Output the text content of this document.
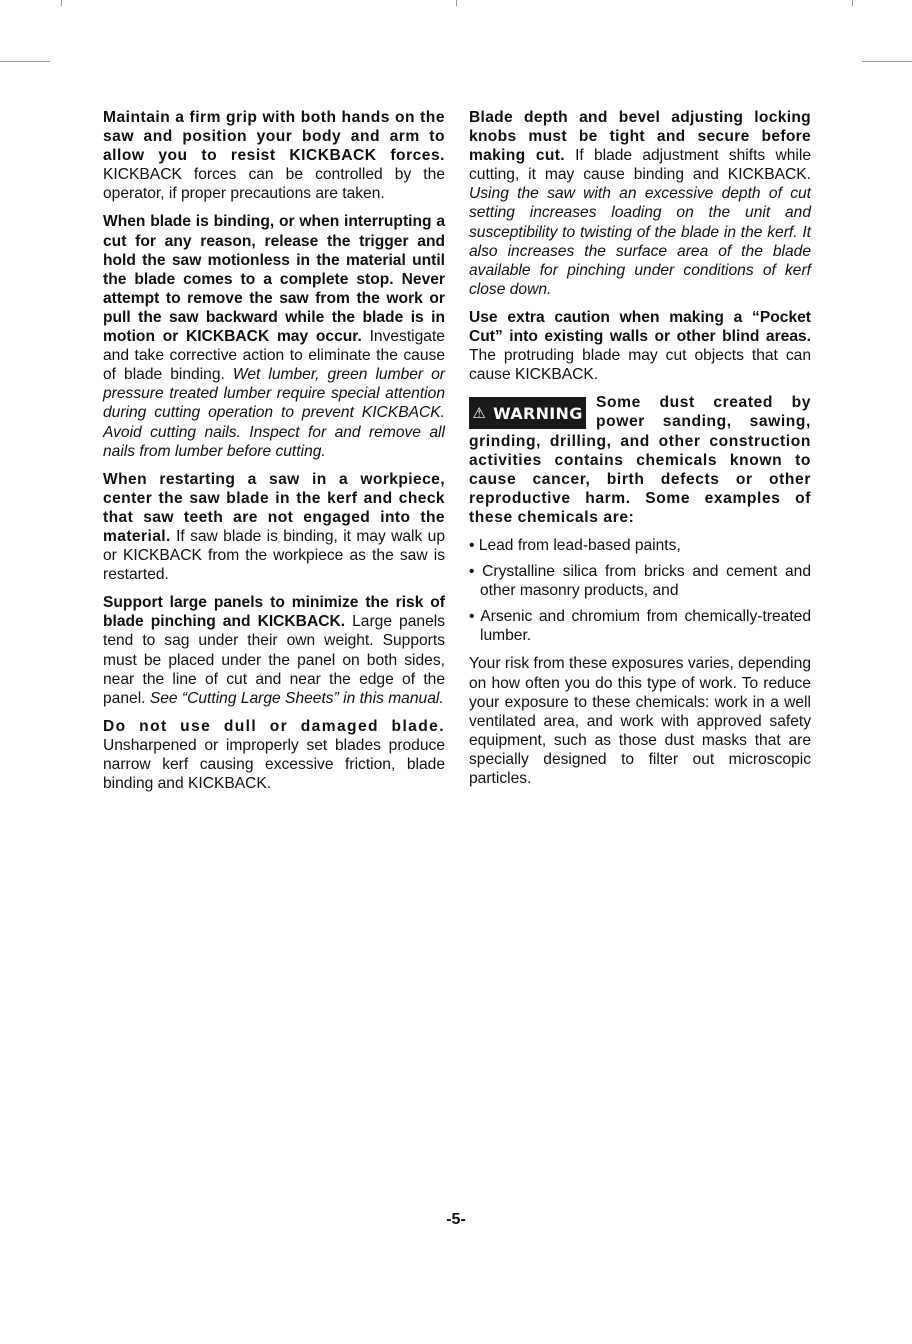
Maintain a firm grip with both hands on the saw and position your body and arm to allow you to resist KICKBACK forces. KICKBACK forces can be controlled by the operator, if proper precautions are taken.

When blade is binding, or when interrupting a cut for any reason, release the trigger and hold the saw motionless in the material until the blade comes to a complete stop. Never attempt to remove the saw from the work or pull the saw backward while the blade is in motion or KICKBACK may occur. Investigate and take corrective action to eliminate the cause of blade binding. Wet lumber, green lumber or pressure treated lumber require special attention during cutting operation to prevent KICKBACK. Avoid cutting nails. Inspect for and remove all nails from lumber before cutting.

When restarting a saw in a workpiece, center the saw blade in the kerf and check that saw teeth are not engaged into the material. If saw blade is binding, it may walk up or KICKBACK from the workpiece as the saw is restarted.

Support large panels to minimize the risk of blade pinching and KICKBACK. Large panels tend to sag under their own weight. Supports must be placed under the panel on both sides, near the line of cut and near the edge of the panel. See “Cutting Large Sheets” in this manual.

Do not use dull or damaged blade. Unsharpened or improperly set blades produce narrow kerf causing excessive friction, blade binding and KICKBACK.

Blade depth and bevel adjusting locking knobs must be tight and secure before making cut. If blade adjustment shifts while cutting, it may cause binding and KICKBACK. Using the saw with an excessive depth of cut setting increases loading on the unit and susceptibility to twisting of the blade in the kerf. It also increases the surface area of the blade available for pinching under conditions of kerf close down.

Use extra caution when making a “Pocket Cut” into existing walls or other blind areas. The protruding blade may cut objects that can cause KICKBACK.

⚠ WARNING
Some dust created by power sanding, sawing, grinding, drilling, and other construction activities contains chemicals known to cause cancer, birth defects or other reproductive harm. Some examples of these chemicals are:
• Lead from lead-based paints,
• Crystalline silica from bricks and cement and other masonry products, and
• Arsenic and chromium from chemically-treated lumber.

Your risk from these exposures varies, depending on how often you do this type of work. To reduce your exposure to these chemicals: work in a well ventilated area, and work with approved safety equipment, such as those dust masks that are specially designed to filter out microscopic particles.

-5-
